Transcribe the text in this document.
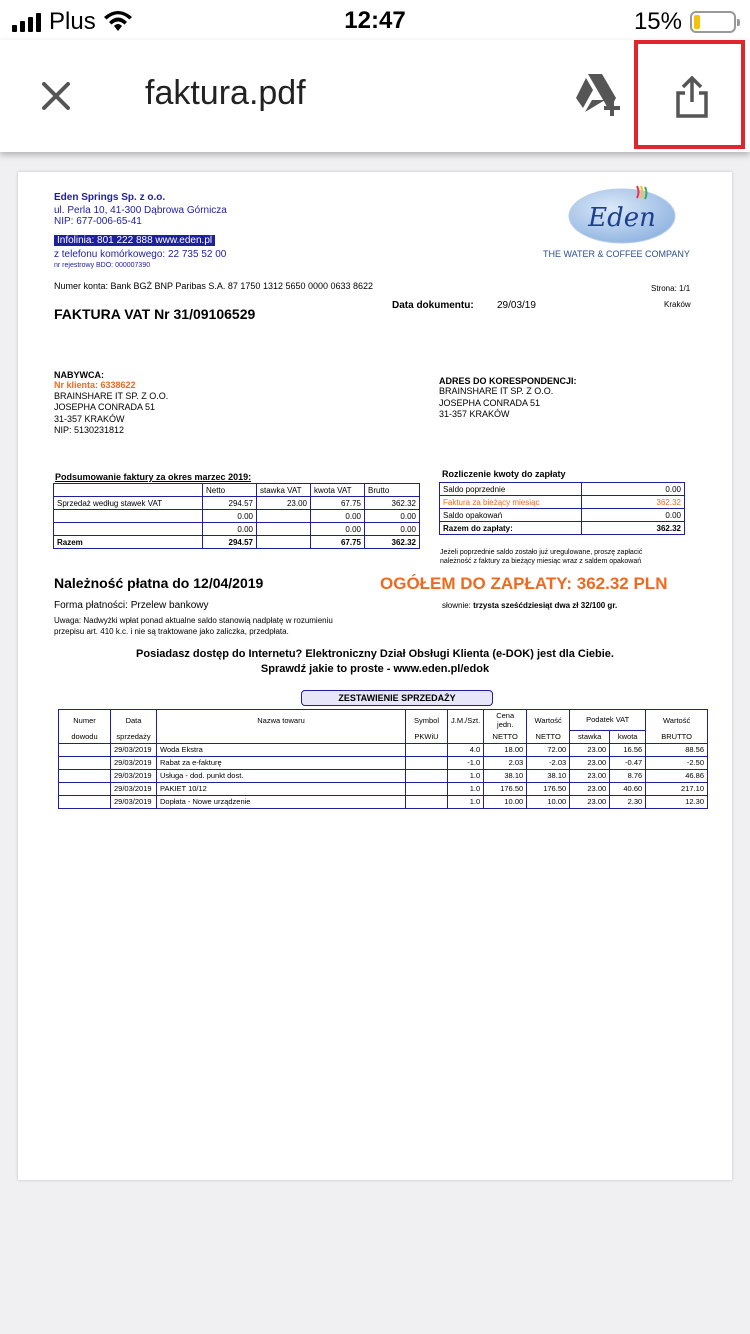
Plus	12:47	15%
faktura.pdf
Eden Springs Sp. z o.o.
ul. Perla 10, 41-300 Dąbrowa Górnicza
NIP: 677-006-65-41
Infolinia: 801 222 888 www.eden.pl
z telefonu komórkowego: 22 735 52 00
nr rejestrowy BDO: 000007390
Eden
THE WATER & COFFEE COMPANY
Numer konta: Bank BGŻ BNP Paribas S.A. 87 1750 1312 5650 0000 0633 8622	Strona: 1/1
FAKTURA VAT Nr 31/09106529
Data dokumentu: 29/03/19	Kraków
NABYWCA:
Nr klienta: 6338622
BRAINSHARE IT SP. Z O.O.
JOSEPHA CONRADA 51
31-357 KRAKÓW
NIP: 5130231812
ADRES DO KORESPONDENCJI:
BRAINSHARE IT SP. Z O.O.
JOSEPHA CONRADA 51
31-357 KRAKÓW
Podsumowanie faktury za okres marzec 2019:
	Netto	stawka VAT	kwota VAT	Brutto
Sprzedaż według stawek VAT	294.57	23.00	67.75	362.32
	0.00		0.00	0.00
	0.00		0.00	0.00
Razem	294.57		67.75	362.32
Rozliczenie kwoty do zapłaty
Saldo poprzednie	0.00
Faktura za bieżący miesiąc	362.32
Saldo opakowań	0.00
Razem do zapłaty:	362.32
Jeżeli poprzednie saldo zostało już uregulowane, proszę zapłacić
należność z faktury za bieżący miesiąc wraz z saldem opakowań
Należność płatna do 12/04/2019	OGÓŁEM DO ZAPŁATY: 362.32 PLN
Forma płatności: Przelew bankowy	słownie: trzysta sześćdziesiąt dwa zł 32/100 gr.
Uwaga: Nadwyżki wpłat ponad aktualne saldo stanowią nadpłatę w rozumieniu
przepisu art. 410 k.c. i nie są traktowane jako zaliczka, przedpłata.
Posiadasz dostęp do Internetu? Elektroniczny Dział Obsługi Klienta (e-DOK) jest dla Ciebie.
Sprawdź jakie to proste - www.eden.pl/edok
ZESTAWIENIE SPRZEDAŻY
Numer	Data	Nazwa towaru	Symbol	J.M./Szt.	Cena jedn.	Wartość	Podatek VAT		Wartość
dowodu	sprzedaży		PKWiU		NETTO	NETTO	stawka	kwota	BRUTTO
	29/03/2019	Woda Ekstra		4.0	18.00	72.00	23.00	16.56	88.56
	29/03/2019	Rabat za e-fakturę		-1.0	2.03	-2.03	23.00	-0.47	-2.50
	29/03/2019	Usługa - dod. punkt dost.		1.0	38.10	38.10	23.00	8.76	46.86
	29/03/2019	PAKIET 10/12		1.0	176.50	176.50	23.00	40.60	217.10
	29/03/2019	Dopłata - Nowe urządzenie		1.0	10.00	10.00	23.00	2.30	12.30
